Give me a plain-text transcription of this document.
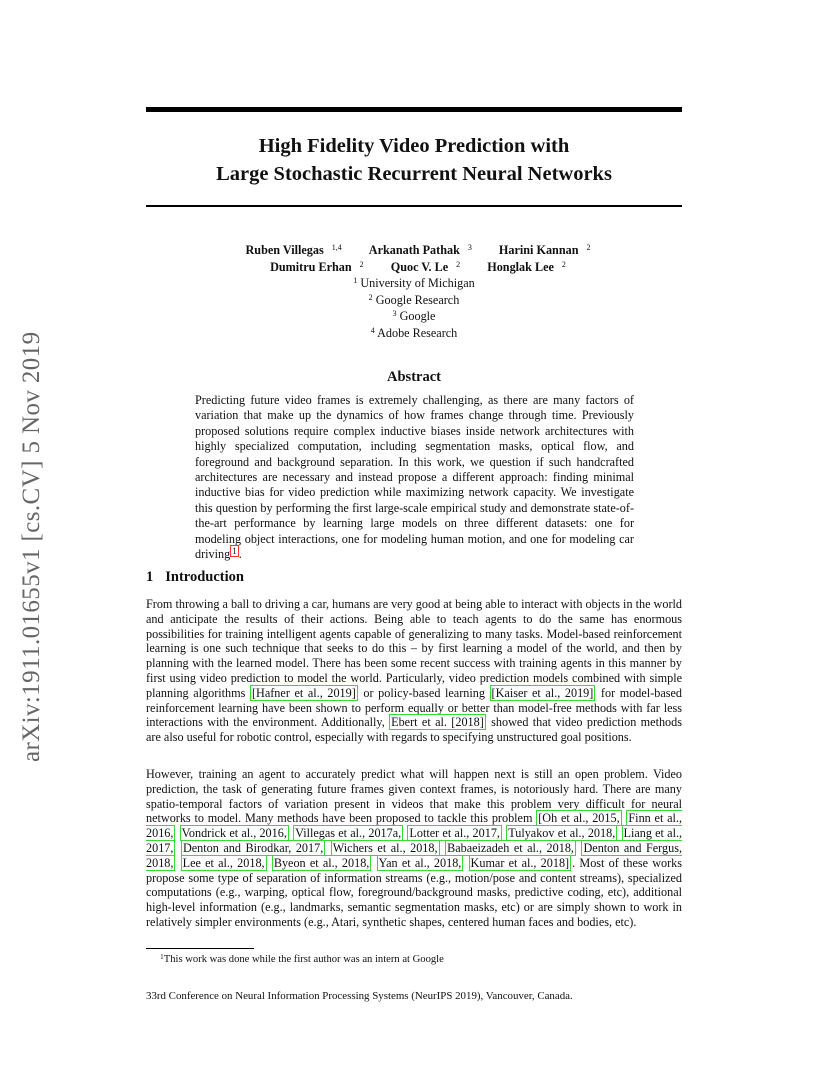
arXiv:1911.01655v1 [cs.CV] 5 Nov 2019
High Fidelity Video Prediction with
Large Stochastic Recurrent Neural Networks
Ruben Villegas $^{1,4}$ Arkanath Pathak $^3$ Harini Kannan $^2$
Dumitru Erhan $^2$ Quoc V. Le $^2$ Honglak Lee $^2$
$^1$ University of Michigan
$^2$ Google Research
$^3$ Google
$^4$ Adobe Research
Abstract
Predicting future video frames is extremely challenging, as there are many factors of variation that make up the dynamics of how frames change through time. Previously proposed solutions require complex inductive biases inside network architectures with highly specialized computation, including segmentation masks, optical flow, and foreground and background separation. In this work, we question if such handcrafted architectures are necessary and instead propose a different approach: finding minimal inductive bias for video prediction while maximizing network capacity. We investigate this question by performing the first large-scale empirical study and demonstrate state-of-the-art performance by learning large models on three different datasets: one for modeling object interactions, one for modeling human motion, and one for modeling car driving $^1$ .
1 Introduction
From throwing a ball to driving a car, humans are very good at being able to interact with objects in the world and anticipate the results of their actions. Being able to teach agents to do the same has enormous possibilities for training intelligent agents capable of generalizing to many tasks. Model-based reinforcement learning is one such technique that seeks to do this – by first learning a model of the world, and then by planning with the learned model. There has been some recent success with training agents in this manner by first using video prediction to model the world. Particularly, video prediction models combined with simple planning algorithms [Hafner et al., 2019] or policy-based learning [Kaiser et al., 2019] for model-based reinforcement learning have been shown to perform equally or better than model-free methods with far less interactions with the environment. Additionally, Ebert et al. [2018] showed that video prediction methods are also useful for robotic control, especially with regards to specifying unstructured goal positions.
However, training an agent to accurately predict what will happen next is still an open problem. Video prediction, the task of generating future frames given context frames, is notoriously hard. There are many spatio-temporal factors of variation present in videos that make this problem very difficult for neural networks to model. Many methods have been proposed to tackle this problem [Oh et al., 2015, Finn et al., 2016, Vondrick et al., 2016, Villegas et al., 2017a, Lotter et al., 2017, Tulyakov et al., 2018, Liang et al., 2017, Denton and Birodkar, 2017, Wichers et al., 2018, Babaeizadeh et al., 2018, Denton and Fergus, 2018, Lee et al., 2018, Byeon et al., 2018, Yan et al., 2018, Kumar et al., 2018] . Most of these works propose some type of separation of information streams (e.g., motion/pose and content streams), specialized computations (e.g., warping, optical flow, foreground/background masks, predictive coding, etc), additional high-level information (e.g., landmarks, semantic segmentation masks, etc) or are simply shown to work in relatively simpler environments (e.g., Atari, synthetic shapes, centered human faces and bodies, etc).
$^1$This work was done while the first author was an intern at Google
33rd Conference on Neural Information Processing Systems (NeurIPS 2019), Vancouver, Canada.
